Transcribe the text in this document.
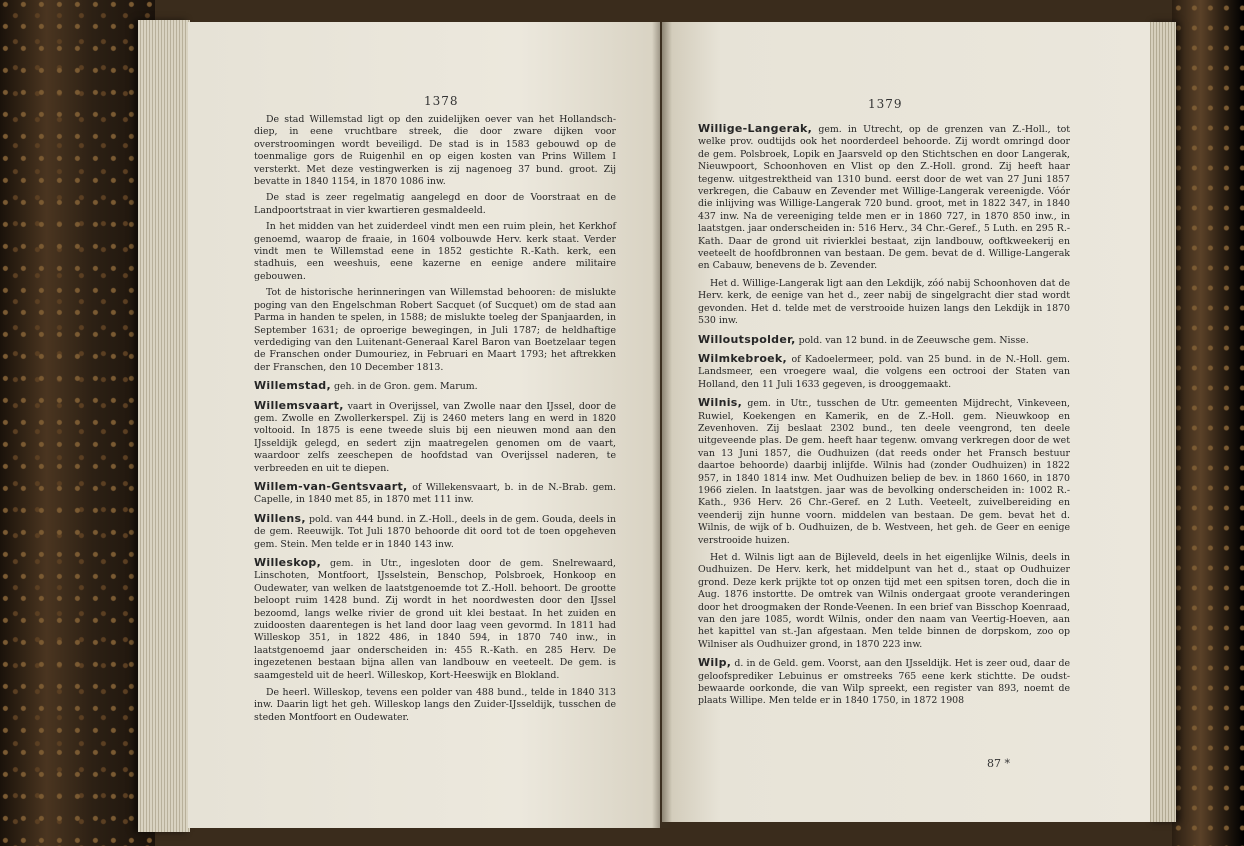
1378

De stad Willemstad ligt op den zuidelijken oever van het Hollandsch-diep, in eene vruchtbare streek, die door zware dijken voor overstroomingen wordt beveiligd. De stad is in 1583 gebouwd op de toenmalige gors de Ruigenhil en op eigen kosten van Prins Willem I versterkt. Met deze vestingwerken is zij nagenoeg 37 bund. groot. Zij bevatte in 1840 1154, in 1870 1086 inw.

De stad is zeer regelmatig aangelegd en door de Voorstraat en de Landpoortstraat in vier kwartieren gesmaldeeld.

In het midden van het zuiderdeel vindt men een ruim plein, het Kerkhof genoemd, waarop de fraaie, in 1604 volbouwde Herv. kerk staat. Verder vindt men te Willemstad eene in 1852 gestichte R.-Kath. kerk, een stadhuis, een weeshuis, eene kazerne en eenige andere militaire gebouwen.

Tot de historische herinneringen van Willemstad behooren: de mislukte poging van den Engelschman Robert Sacquet (of Sucquet) om de stad aan Parma in handen te spelen, in 1588; de mislukte toeleg der Spanjaarden, in September 1631; de oproerige bewegingen, in Juli 1787; de heldhaftige verdediging van den Luitenant-Generaal Karel Baron van Boetzelaar tegen de Franschen onder Dumouriez, in Februari en Maart 1793; het aftrekken der Franschen, den 10 December 1813.

Willemstad, geh. in de Gron. gem. Marum.

Willemsvaart, vaart in Overijssel, van Zwolle naar den IJssel, door de gem. Zwolle en Zwollerkerspel. Zij is 2460 meters lang en werd in 1820 voltooid. In 1875 is eene tweede sluis bij een nieuwen mond aan den IJsseldijk gelegd, en sedert zijn maatregelen genomen om de vaart, waardoor zelfs zeeschepen de hoofdstad van Overijssel naderen, te verbreeden en uit te diepen.

Willem-van-Gentsvaart, of Willekensvaart, b. in de N.-Brab. gem. Capelle, in 1840 met 85, in 1870 met 111 inw.

Willens, pold. van 444 bund. in Z.-Holl., deels in de gem. Gouda, deels in de gem. Reeuwijk. Tot Juli 1870 behoorde dit oord tot de toen opgeheven gem. Stein. Men telde er in 1840 143 inw.

Willeskop, gem. in Utr., ingesloten door de gem. Snelrewaard, Linschoten, Montfoort, IJsselstein, Benschop, Polsbroek, Honkoop en Oudewater, van welken de laatstgenoemde tot Z.-Holl. behoort. De grootte beloopt ruim 1428 bund. Zij wordt in het noordwesten door den IJssel bezoomd, langs welke rivier de grond uit klei bestaat. In het zuiden en zuidoosten daarentegen is het land door laag veen gevormd. In 1811 had Willeskop 351, in 1822 486, in 1840 594, in 1870 740 inw., in laatstgenoemd jaar onderscheiden in: 455 R.-Kath. en 285 Herv. De ingezetenen bestaan bijna allen van landbouw en veeteelt. De gem. is saamgesteld uit de heerl. Willeskop, Kort-Heeswijk en Blokland.

De heerl. Willeskop, tevens een polder van 488 bund., telde in 1840 313 inw. Daarin ligt het geh. Willeskop langs den Zuider-IJsseldijk, tusschen de steden Montfoort en Oudewater.

1379

Willige-Langerak, gem. in Utrecht, op de grenzen van Z.-Holl., tot welke prov. oudtijds ook het noorderdeel behoorde. Zij wordt omringd door de gem. Polsbroek, Lopik en Jaarsveld op den Stichtschen en door Langerak, Nieuwpoort, Schoonhoven en Vlist op den Z.-Holl. grond. Zij heeft haar tegenw. uitgestrektheid van 1310 bund. eerst door de wet van 27 Juni 1857 verkregen, die Cabauw en Zevender met Willige-Langerak vereenigde. Vóór die inlijving was Willige-Langerak 720 bund. groot, met in 1822 347, in 1840 437 inw. Na de vereeniging telde men er in 1860 727, in 1870 850 inw., in laatstgen. jaar onderscheiden in: 516 Herv., 34 Chr.-Geref., 5 Luth. en 295 R.-Kath. Daar de grond uit rivierklei bestaat, zijn landbouw, ooftkweekerij en veeteelt de hoofdbronnen van bestaan. De gem. bevat de d. Willige-Langerak en Cabauw, benevens de b. Zevender.

Het d. Willige-Langerak ligt aan den Lekdijk, zóó nabij Schoonhoven dat de Herv. kerk, de eenige van het d., zeer nabij de singelgracht dier stad wordt gevonden. Het d. telde met de verstrooide huizen langs den Lekdijk in 1870 530 inw.

Willoutspolder, pold. van 12 bund. in de Zeeuwsche gem. Nisse.

Wilmkebroek, of Kadoelermeer, pold. van 25 bund. in de N.-Holl. gem. Landsmeer, een vroegere waal, die volgens een octrooi der Staten van Holland, den 11 Juli 1633 gegeven, is drooggemaakt.

Wilnis, gem. in Utr., tusschen de Utr. gemeenten Mijdrecht, Vinkeveen, Ruwiel, Koekengen en Kamerik, en de Z.-Holl. gem. Nieuwkoop en Zevenhoven. Zij beslaat 2302 bund., ten deele veengrond, ten deele uitgeveende plas. De gem. heeft haar tegenw. omvang verkregen door de wet van 13 Juni 1857, die Oudhuizen (dat reeds onder het Fransch bestuur daartoe behoorde) daarbij inlijfde. Wilnis had (zonder Oudhuizen) in 1822 957, in 1840 1814 inw. Met Oudhuizen beliep de bev. in 1860 1660, in 1870 1966 zielen. In laatstgen. jaar was de bevolking onderscheiden in: 1002 R.-Kath., 936 Herv. 26 Chr.-Geref. en 2 Luth. Veeteelt, zuivelbereiding en veenderij zijn hunne voorn. middelen van bestaan. De gem. bevat het d. Wilnis, de wijk of b. Oudhuizen, de b. Westveen, het geh. de Geer en eenige verstrooide huizen.

Het d. Wilnis ligt aan de Bijleveld, deels in het eigenlijke Wilnis, deels in Oudhuizen. De Herv. kerk, het middelpunt van het d., staat op Oudhuizer grond. Deze kerk prijkte tot op onzen tijd met een spitsen toren, doch die in Aug. 1876 instortte. De omtrek van Wilnis ondergaat groote veranderingen door het droogmaken der Ronde-Veenen. In een brief van Bisschop Koenraad, van den jare 1085, wordt Wilnis, onder den naam van Veertig-Hoeven, aan het kapittel van st.-Jan afgestaan. Men telde binnen de dorpskom, zoo op Wilniser als Oudhuizer grond, in 1870 223 inw.

Wilp, d. in de Geld. gem. Voorst, aan den IJsseldijk. Het is zeer oud, daar de geloofsprediker Lebuinus er omstreeks 765 eene kerk stichtte. De oudst-bewaarde oorkonde, die van Wilp spreekt, een register van 893, noemt de plaats Willipe. Men telde er in 1840 1750, in 1872 1908

87 *
